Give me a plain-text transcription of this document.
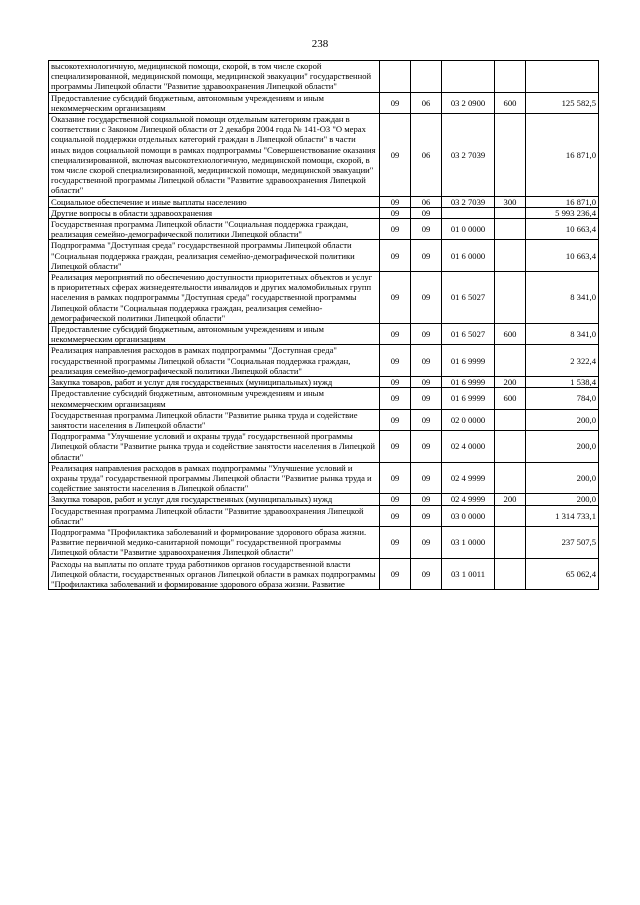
238
высокотехнологичную, медицинской помощи, скорой, в том числе скорой специализированной, медицинской помощи, медицинской эвакуации" государственной программы Липецкой области "Развитие здравоохранения Липецкой области"					
Предоставление субсидий бюджетным, автономным учреждениям и иным некоммерческим организациям	09	06	03 2 0900	600	125 582,5
Оказание государственной социальной помощи отдельным категориям граждан в соответствии с Законом Липецкой области от 2 декабря 2004 года № 141-ОЗ "О мерах социальной поддержки отдельных категорий граждан в Липецкой области" в части иных видов социальной помощи в рамках подпрограммы "Совершенствование оказания специализированной, включая высокотехнологичную, медицинской помощи, скорой, в том числе скорой специализированной, медицинской помощи, медицинской эвакуации" государственной программы Липецкой области "Развитие здравоохранения Липецкой области"	09	06	03 2 7039		16 871,0
Социальное обеспечение и иные выплаты населению	09	06	03 2 7039	300	16 871,0
Другие вопросы в области здравоохранения	09	09			5 993 236,4
Государственная программа Липецкой области "Социальная поддержка граждан, реализация семейно-демографической политики Липецкой области"	09	09	01 0 0000		10 663,4
Подпрограмма "Доступная среда" государственной программы Липецкой области "Социальная поддержка граждан, реализация семейно-демографической политики Липецкой области"	09	09	01 6 0000		10 663,4
Реализация мероприятий по обеспечению доступности приоритетных объектов и услуг в приоритетных сферах жизнедеятельности инвалидов и других маломобильных групп населения в рамках подпрограммы "Доступная среда" государственной программы Липецкой области "Социальная поддержка граждан, реализация семейно-демографической политики Липецкой области"	09	09	01 6 5027		8 341,0
Предоставление субсидий бюджетным, автономным учреждениям и иным некоммерческим организациям	09	09	01 6 5027	600	8 341,0
Реализация направления расходов в рамках подпрограммы "Доступная среда" государственной программы Липецкой области "Социальная поддержка граждан, реализация семейно-демографической политики Липецкой области"	09	09	01 6 9999		2 322,4
Закупка товаров, работ и услуг для государственных (муниципальных) нужд	09	09	01 6 9999	200	1 538,4
Предоставление субсидий бюджетным, автономным учреждениям и иным некоммерческим организациям	09	09	01 6 9999	600	784,0
Государственная программа Липецкой области "Развитие рынка труда и содействие занятости населения в Липецкой области"	09	09	02 0 0000		200,0
Подпрограмма "Улучшение условий и охраны труда" государственной программы Липецкой области "Развитие рынка труда и содействие занятости населения в Липецкой области"	09	09	02 4 0000		200,0
Реализация направления расходов в рамках подпрограммы "Улучшение условий и охраны труда" государственной программы Липецкой области "Развитие рынка труда и содействие занятости населения в Липецкой области"	09	09	02 4 9999		200,0
Закупка товаров, работ и услуг для государственных (муниципальных) нужд	09	09	02 4 9999	200	200,0
Государственная программа Липецкой области "Развитие здравоохранения Липецкой области"	09	09	03 0 0000		1 314 733,1
Подпрограмма "Профилактика заболеваний и формирование здорового образа жизни. Развитие первичной медико-санитарной помощи" государственной программы Липецкой области "Развитие здравоохранения Липецкой области"	09	09	03 1 0000		237 507,5
Расходы на выплаты по оплате труда работников органов государственной власти Липецкой области, государственных органов Липецкой области в рамках подпрограммы "Профилактика заболеваний и формирование здорового образа жизни. Развитие	09	09	03 1 0011		65 062,4
